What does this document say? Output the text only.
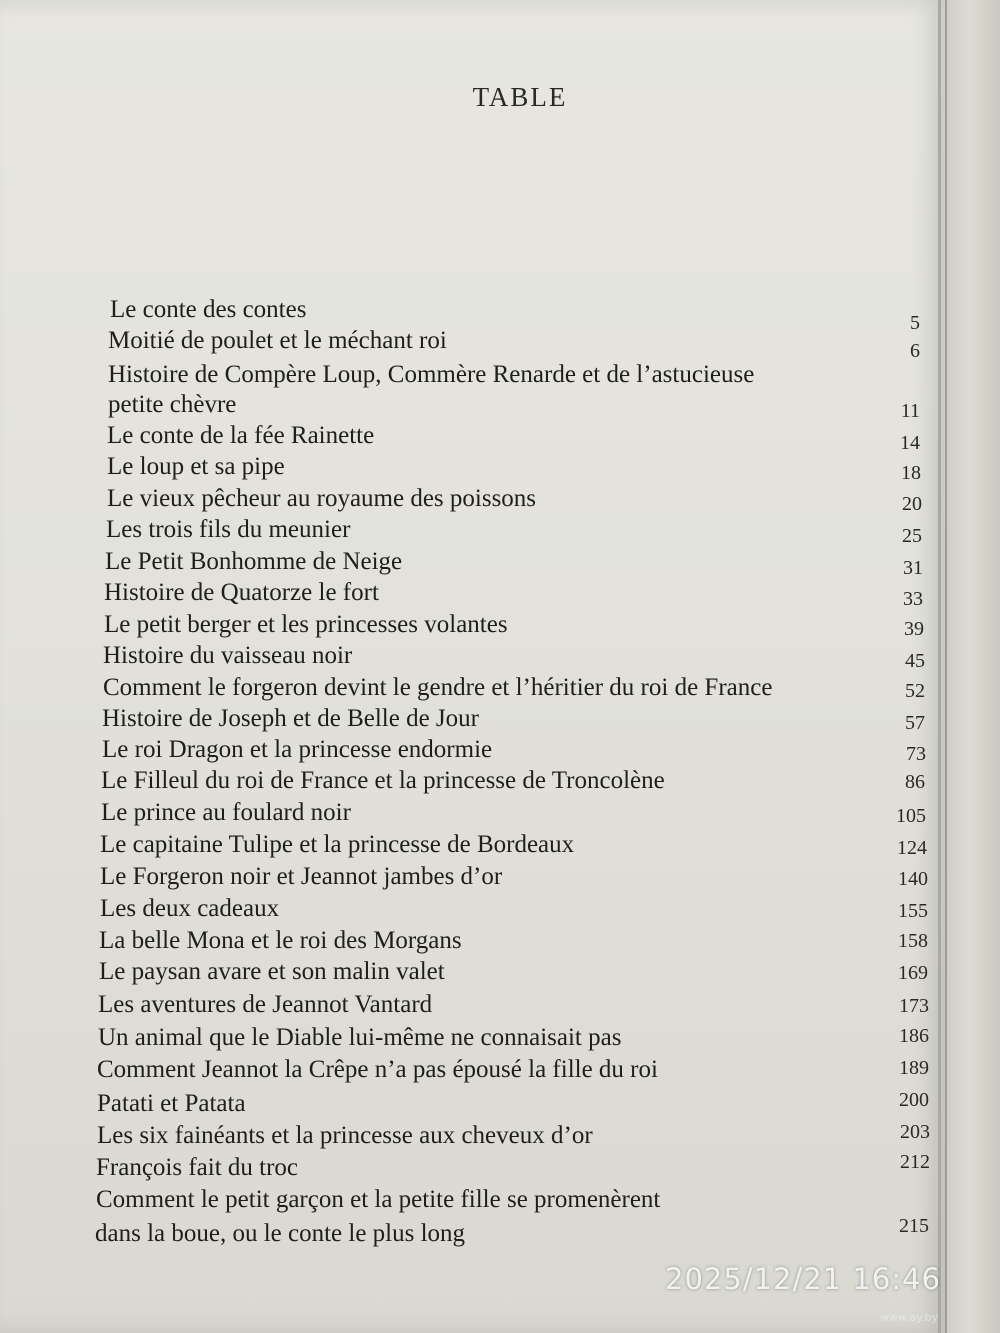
TABLE
Le conte des contes	5
Moitié de poulet et le méchant roi	6
Histoire de Compère Loup, Commère Renarde et de l’astucieuse
petite chèvre	11
Le conte de la fée Rainette	14
Le loup et sa pipe	18
Le vieux pêcheur au royaume des poissons	20
Les trois fils du meunier	25
Le Petit Bonhomme de Neige	31
Histoire de Quatorze le fort	33
Le petit berger et les princesses volantes	39
Histoire du vaisseau noir	45
Comment le forgeron devint le gendre et l’héritier du roi de France	52
Histoire de Joseph et de Belle de Jour	57
Le roi Dragon et la princesse endormie	73
Le Filleul du roi de France et la princesse de Troncolène	86
Le prince au foulard noir	105
Le capitaine Tulipe et la princesse de Bordeaux	124
Le Forgeron noir et Jeannot jambes d’or	140
Les deux cadeaux	155
La belle Mona et le roi des Morgans	158
Le paysan avare et son malin valet	169
Les aventures de Jeannot Vantard	173
Un animal que le Diable lui-même ne connaisait pas	186
Comment Jeannot la Crêpe n’a pas épousé la fille du roi	189
Patati et Patata	200
Les six fainéants et la princesse aux cheveux d’or	203
François fait du troc	212
Comment le petit garçon et la petite fille se promenèrent
dans la boue, ou le conte le plus long	215
2025/12/21 16:46
www.ay.by
